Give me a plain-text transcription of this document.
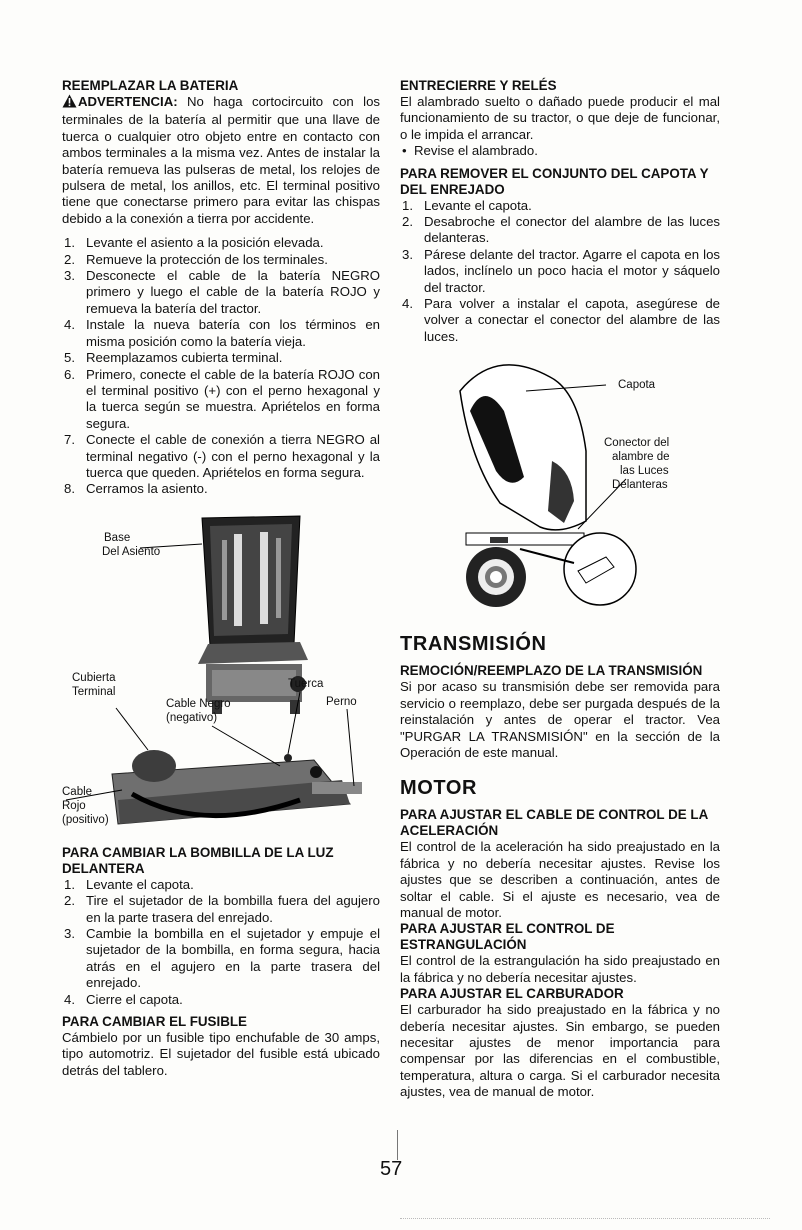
REEMPLAZAR LA BATERIA

ADVERTENCIA: No haga cortocircuito con los terminales de la batería al permitir que una llave de tuerca o cualquier otro objeto entre en contacto con ambos terminales a la misma vez. Antes de instalar la batería remueva las pulseras de metal, los relojes de pulsera de metal, los anillos, etc. El terminal positivo tiene que conectarse primero para evitar las chispas debido a la conexión a tierra por accidente.

1. Levante el asiento a la posición elevada.
2. Remueve la protección de los terminales.
3. Desconecte el cable de la batería NEGRO primero y luego el cable de la batería ROJO y remueva la batería del tractor.
4. Instale la nueva batería con los términos en misma posición como la batería vieja.
5. Reemplazamos cubierta terminal.
6. Primero, conecte el cable de la batería ROJO con el terminal positivo (+) con el perno hexagonal y la tuerca según se muestra. Apriételos en forma segura.
7. Conecte el cable de conexión a tierra NEGRO al terminal negativo (-) con el perno hexagonal y la tuerca que queden. Apriételos en forma segura.
8. Cerramos la asiento.
Base
Del Asiento
Cubierta
Terminal
Cable Negro
(negativo)
Tuerca
Perno
Cable
Rojo
(positivo)
PARA CAMBIAR LA BOMBILLA DE LA LUZ DELANTERA
1. Levante el capota.
2. Tire el sujetador de la bombilla fuera del agujero en la parte trasera del enrejado.
3. Cambie la bombilla en el sujetador y empuje el sujetador de la bombilla, en forma segura, hacia atrás en el agujero en la parte trasera del enrejado.
4. Cierre el capota.
PARA CAMBIAR EL FUSIBLE

Cámbielo por un fusible tipo enchufable de 30 amps, tipo automotriz. El sujetador del fusible está ubicado detrás del tablero.

ENTRECIERRE Y RELÉS

El alambrado suelto o dañado puede producir el mal funcionamiento de su tractor, o que deje de funcionar, o le impida el arrancar.

• Revise el alambrado.
PARA REMOVER EL CONJUNTO DEL CAPOTA Y DEL ENREJADO
1. Levante el capota.
2. Desabroche el conector del alambre de las luces delanteras.
3. Párese delante del tractor. Agarre el capota en los lados, inclínelo un poco hacia el motor y sáquelo del tractor.
4. Para volver a instalar el capota, asegúrese de volver a conectar el conector del alambre de las luces.
Capota
Conector del
alambre de
las Luces
Delanteras
TRANSMISIÓN
REMOCIÓN/REEMPLAZO DE LA TRANSMISIÓN

Si por acaso su transmisión debe ser removida para servicio o reemplazo, debe ser purgada después de la reinstalación y antes de operar el tractor. Vea "PURGAR LA TRANSMISIÓN" en la sección de la Operación de este manual.

MOTOR
PARA AJUSTAR EL CABLE DE CONTROL DE LA ACELERACIÓN

El control de la aceleración ha sido preajustado en la fábrica y no debería necesitar ajustes. Revise los ajustes que se describen a continuación, antes de soltar el cable. Si el ajuste es necesario, vea de manual de motor.

PARA AJUSTAR EL CONTROL DE ESTRANGULACIÓN

El control de la estrangulación ha sido preajustado en la fábrica y no debería necesitar ajustes.

PARA AJUSTAR EL CARBURADOR

El carburador ha sido preajustado en la fábrica y no debería necesitar ajustes. Sin embargo, se pueden necesitar ajustes de menor importancia para compensar por las diferencias en el combustible, temperatura, altura o carga. Si el carburador necesita ajustes, vea de manual de motor.

57
